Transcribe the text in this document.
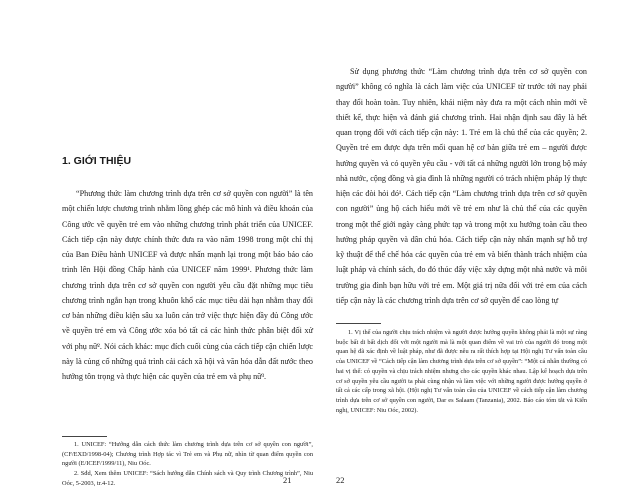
1. GIỚI THIỆU

“Phương thức làm chương trình dựa trên cơ sở quyền con người” là tên một chiến lược chương trình nhằm lồng ghép các mô hình và điều khoản của Công ước về quyền trẻ em vào những chương trình phát triển của UNICEF. Cách tiếp cận này được chính thức đưa ra vào năm 1998 trong một chỉ thị của Ban Điều hành UNICEF và được nhấn mạnh lại trong một báo báo cáo trình lên Hội đồng Chấp hành của UNICEF năm 1999¹. Phương thức làm chương trình dựa trên cơ sở quyền con người yêu cầu đặt những mục tiêu chương trình ngắn hạn trong khuôn khổ các mục tiêu dài hạn nhằm thay đổi cơ bản những điều kiện sâu xa luôn cản trở việc thực hiện đầy đủ Công ước về quyền trẻ em và Công ước xóa bỏ tất cả các hình thức phân biệt đối xử với phụ nữ². Nói cách khác: mục đích cuối cùng của cách tiếp cận chiến lược này là củng cố những quá trình cải cách xã hội và văn hóa dẫn đất nước theo hướng tôn trọng và thực hiện các quyền của trẻ em và phụ nữ³.

1. UNICEF: “Hướng dẫn cách thức làm chương trình dựa trên cơ sở quyền con người”, (CF/EXD/1998-04); Chương trình Hợp tác vì Trẻ em và Phụ nữ, nhìn từ quan điểm quyền con người (E/ICEF/1999/11), Niu Oóc.

2. Sđd, Xem thêm UNICEF: “Sách hướng dẫn Chính sách và Quy trình Chương trình”, Niu Oóc, 5-2003, tr.4-12.	21

Sử dụng phương thức “Làm chương trình dựa trên cơ sở quyền con người” không có nghĩa là cách làm việc của UNICEF từ trước tới nay phải thay đổi hoàn toàn. Tuy nhiên, khái niệm này đưa ra một cách nhìn mới về thiết kế, thực hiện và đánh giá chương trình. Hai nhận định sau đây là hết quan trọng đối với cách tiếp cận này: 1. Trẻ em là chủ thể của các quyền; 2. Quyền trẻ em được dựa trên mối quan hệ cơ bản giữa trẻ em – người được hưởng quyền và có quyền yêu cầu - với tất cả những người lớn trong bộ máy nhà nước, cộng đồng và gia đình là những người có trách nhiệm pháp lý thực hiện các đòi hỏi đó¹. Cách tiếp cận “Làm chương trình dựa trên cơ sở quyền con người” ủng hộ cách hiểu mới về trẻ em như là chủ thể của các quyền trong một thế giới ngày càng phức tạp và trong một xu hướng toàn cầu theo hướng pháp quyền và dân chủ hóa. Cách tiếp cận này nhấn mạnh sự hỗ trợ kỹ thuật để thể chế hóa các quyền của trẻ em và biến thành trách nhiệm của luật pháp và chính sách, đo đó thúc đẩy việc xây dựng một nhà nước và môi trường gia đình bạn hữu với trẻ em. Một giá trị nữa đối với trẻ em của cách tiếp cận này là các chương trình dựa trên cơ sở quyền để cao lòng tự

1. Vị thế của người chịu trách nhiệm và người được hưởng quyền không phải là một sự ràng buộc bất di bất dịch đối với một người mà là một quan điểm về vai trò của người đó trong một quan hệ đã xác định về luật pháp, như đã được nêu ra rất thích hợp tại Hội nghị Tư vấn toàn cầu của UNICEF về “Cách tiếp cận làm chương trình dựa trên cơ sở quyền”: “Một cá nhân thường có hai vị thế: có quyền và chịu trách nhiệm nhưng cho các quyền khác nhau. Lập kế hoạch dựa trên cơ sở quyền yêu cầu người ta phải cùng nhận và làm việc với những người được hưởng quyền ở tất cả các cấp trong xã hội. (Hội nghị Tư vấn toàn cầu của UNICEF về cách tiếp cận làm chương trình dựa trên cơ sở quyền con người, Dar es Salaam (Tanzania), 2002. Báo cáo tóm tắt và Kiến nghị, UNICEF: Niu Oóc, 2002).

22
